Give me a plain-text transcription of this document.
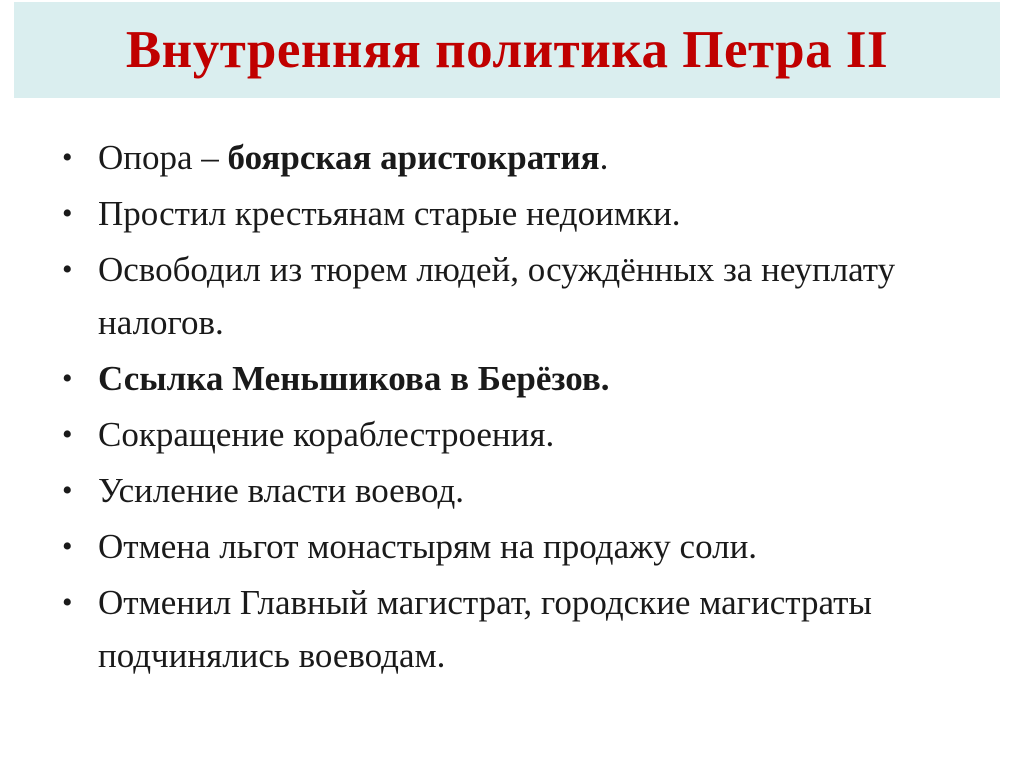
Внутренняя политика Петра II
• Опора – боярская аристократия.
• Простил крестьянам старые недоимки.
• Освободил из тюрем людей, осуждённых за неуплату налогов.
• Ссылка Меньшикова в Берёзов.
• Сокращение кораблестроения.
• Усиление власти воевод.
• Отмена льгот монастырям на продажу соли.
• Отменил Главный магистрат, городские магистраты подчинялись воеводам.
